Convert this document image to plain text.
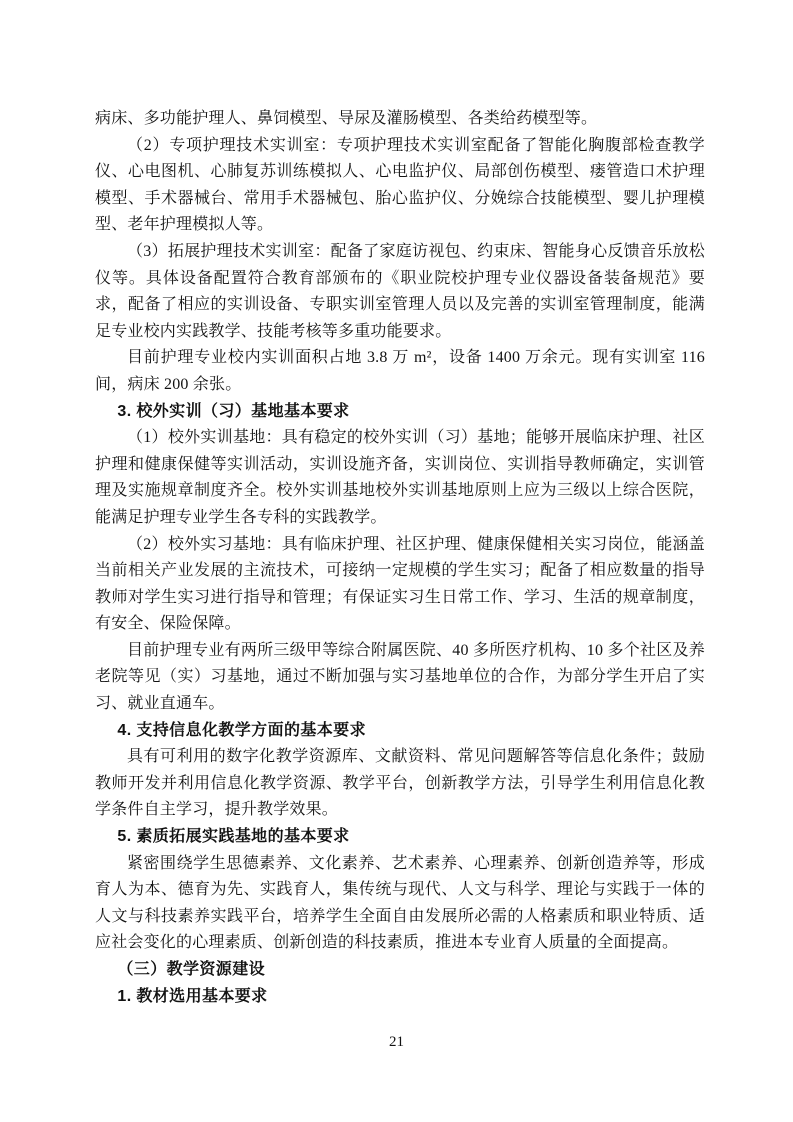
病床、多功能护理人、鼻饲模型、导尿及灌肠模型、各类给药模型等。

（2）专项护理技术实训室：专项护理技术实训室配备了智能化胸腹部检查教学仪、心电图机、心肺复苏训练模拟人、心电监护仪、局部创伤模型、瘘管造口术护理模型、手术器械台、常用手术器械包、胎心监护仪、分娩综合技能模型、婴儿护理模型、老年护理模拟人等。

（3）拓展护理技术实训室：配备了家庭访视包、约束床、智能身心反馈音乐放松仪等。具体设备配置符合教育部颁布的《职业院校护理专业仪器设备装备规范》要求，配备了相应的实训设备、专职实训室管理人员以及完善的实训室管理制度，能满足专业校内实践教学、技能考核等多重功能要求。

目前护理专业校内实训面积占地 3.8 万 m²，设备 1400 万余元。现有实训室 116 间，病床 200 余张。

3. 校外实训（习）基地基本要求

（1）校外实训基地：具有稳定的校外实训（习）基地；能够开展临床护理、社区护理和健康保健等实训活动，实训设施齐备，实训岗位、实训指导教师确定，实训管理及实施规章制度齐全。校外实训基地校外实训基地原则上应为三级以上综合医院，能满足护理专业学生各专科的实践教学。

（2）校外实习基地：具有临床护理、社区护理、健康保健相关实习岗位，能涵盖当前相关产业发展的主流技术，可接纳一定规模的学生实习；配备了相应数量的指导教师对学生实习进行指导和管理；有保证实习生日常工作、学习、生活的规章制度，有安全、保险保障。

目前护理专业有两所三级甲等综合附属医院、40 多所医疗机构、10 多个社区及养老院等见（实）习基地，通过不断加强与实习基地单位的合作，为部分学生开启了实习、就业直通车。

4. 支持信息化教学方面的基本要求

具有可利用的数字化教学资源库、文献资料、常见问题解答等信息化条件；鼓励教师开发并利用信息化教学资源、教学平台，创新教学方法，引导学生利用信息化教学条件自主学习，提升教学效果。

5. 素质拓展实践基地的基本要求

紧密围绕学生思德素养、文化素养、艺术素养、心理素养、创新创造养等，形成育人为本、德育为先、实践育人，集传统与现代、人文与科学、理论与实践于一体的人文与科技素养实践平台，培养学生全面自由发展所必需的人格素质和职业特质、适应社会变化的心理素质、创新创造的科技素质，推进本专业育人质量的全面提高。

（三）教学资源建设

1. 教材选用基本要求

21
